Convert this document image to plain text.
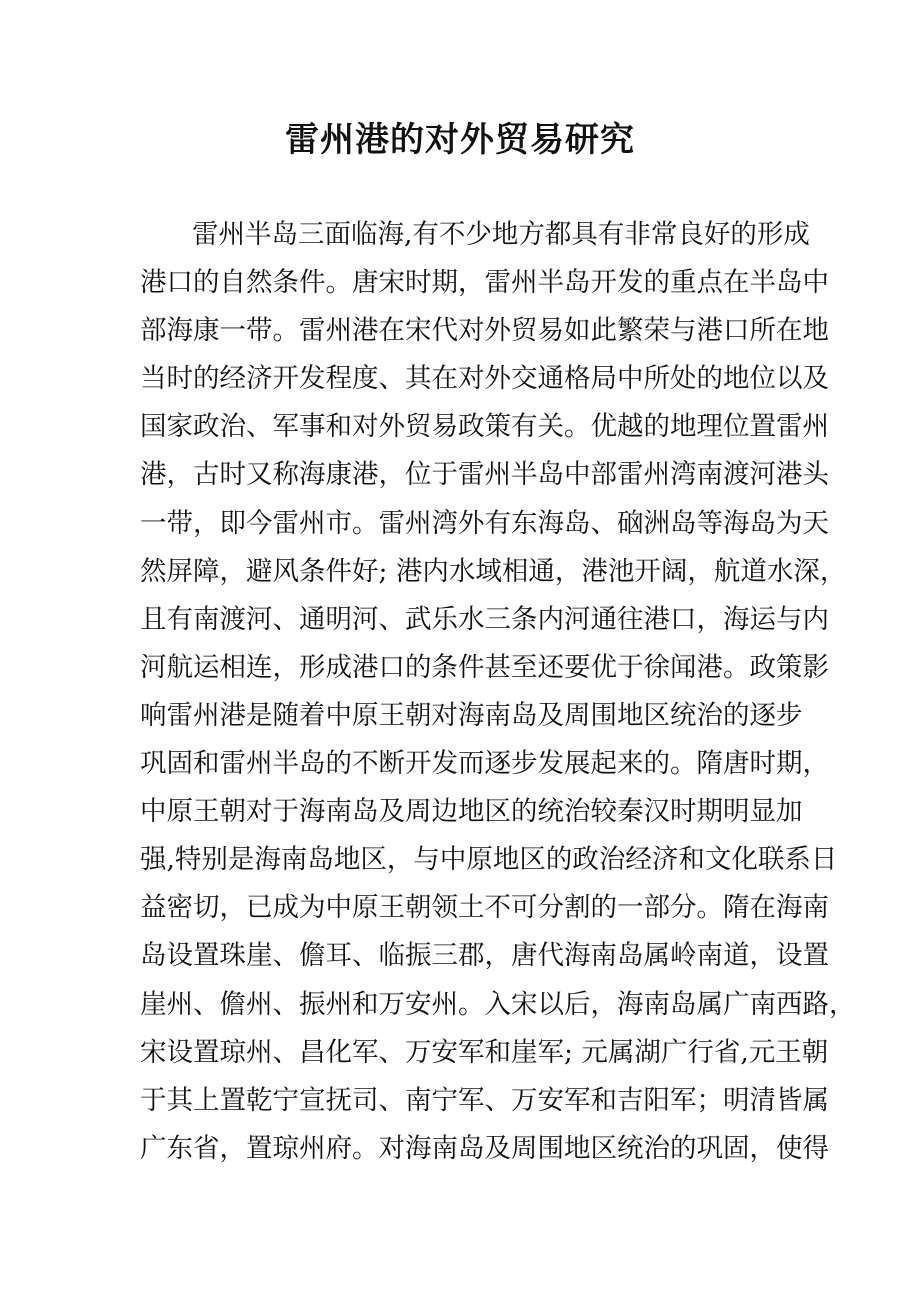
雷州港的对外贸易研究
雷州半岛三面临海,有不少地方都具有非常良好的形成
港口的自然条件。唐宋时期，雷州半岛开发的重点在半岛中
部海康一带。雷州港在宋代对外贸易如此繁荣与港口所在地
当时的经济开发程度、其在对外交通格局中所处的地位以及
国家政治、军事和对外贸易政策有关。优越的地理位置雷州
港，古时又称海康港，位于雷州半岛中部雷州湾南渡河港头
一带，即今雷州市。雷州湾外有东海岛、硇洲岛等海岛为天
然屏障，避风条件好; 港内水域相通，港池开阔，航道水深，
且有南渡河、通明河、武乐水三条内河通往港口，海运与内
河航运相连，形成港口的条件甚至还要优于徐闻港。政策影
响雷州港是随着中原王朝对海南岛及周围地区统治的逐步
巩固和雷州半岛的不断开发而逐步发展起来的。隋唐时期，
中原王朝对于海南岛及周边地区的统治较秦汉时期明显加
强,特别是海南岛地区，与中原地区的政治经济和文化联系日
益密切，已成为中原王朝领土不可分割的一部分。隋在海南
岛设置珠崖、儋耳、临振三郡，唐代海南岛属岭南道，设置
崖州、儋州、振州和万安州。入宋以后，海南岛属广南西路，
宋设置琼州、昌化军、万安军和崖军; 元属湖广行省,元王朝
于其上置乾宁宣抚司、南宁军、万安军和吉阳军；明清皆属
广东省，置琼州府。对海南岛及周围地区统治的巩固，使得
